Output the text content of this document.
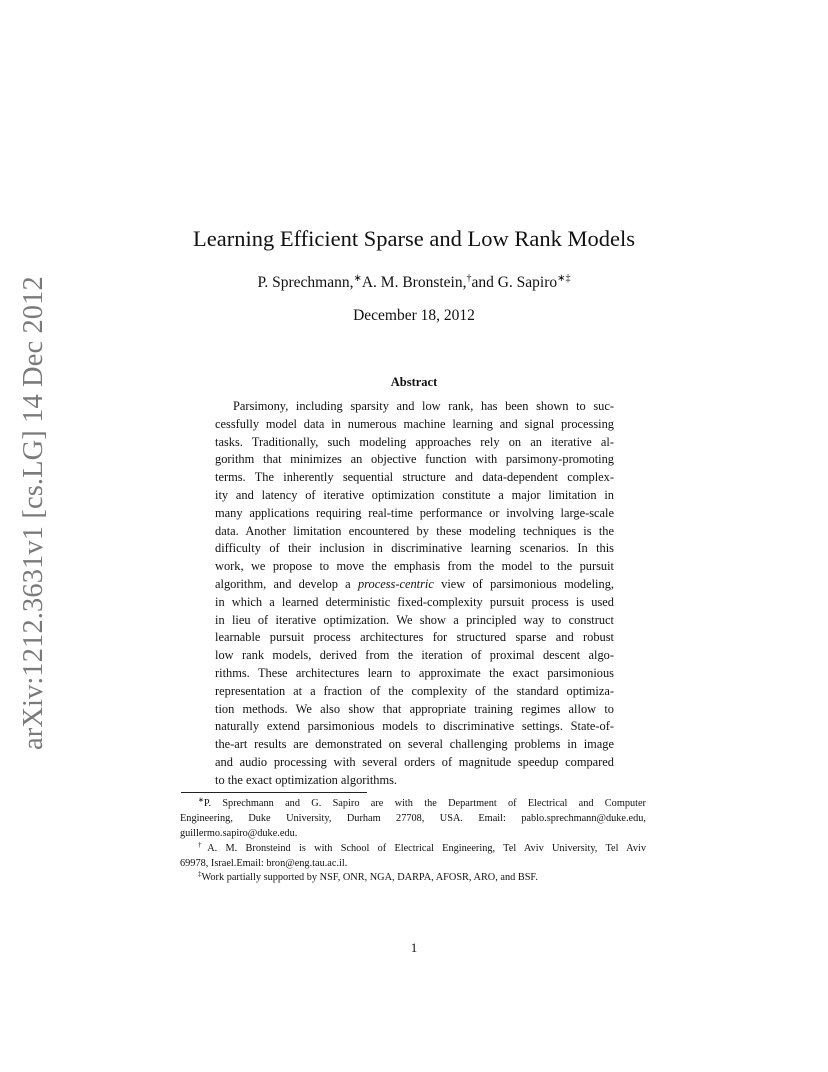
arXiv:1212.3631v1 [cs.LG] 14 Dec 2012
Learning Efficient Sparse and Low Rank Models
P. Sprechmann,∗A. M. Bronstein,†and G. Sapiro∗‡
December 18, 2012
Abstract
Parsimony, including sparsity and low rank, has been shown to suc-
cessfully model data in numerous machine learning and signal processing
tasks. Traditionally, such modeling approaches rely on an iterative al-
gorithm that minimizes an objective function with parsimony-promoting
terms. The inherently sequential structure and data-dependent complex-
ity and latency of iterative optimization constitute a major limitation in
many applications requiring real-time performance or involving large-scale
data. Another limitation encountered by these modeling techniques is the
difficulty of their inclusion in discriminative learning scenarios. In this
work, we propose to move the emphasis from the model to the pursuit
algorithm, and develop a process-centric view of parsimonious modeling,
in which a learned deterministic fixed-complexity pursuit process is used
in lieu of iterative optimization. We show a principled way to construct
learnable pursuit process architectures for structured sparse and robust
low rank models, derived from the iteration of proximal descent algo-
rithms. These architectures learn to approximate the exact parsimonious
representation at a fraction of the complexity of the standard optimiza-
tion methods. We also show that appropriate training regimes allow to
naturally extend parsimonious models to discriminative settings. State-of-
the-art results are demonstrated on several challenging problems in image
and audio processing with several orders of magnitude speedup compared
to the exact optimization algorithms.
∗P. Sprechmann and G. Sapiro are with the Department of Electrical and Computer
Engineering, Duke University, Durham 27708, USA. Email: pablo.sprechmann@duke.edu,
guillermo.sapiro@duke.edu.
†A. M. Bronsteind is with School of Electrical Engineering, Tel Aviv University, Tel Aviv
69978, Israel.Email: bron@eng.tau.ac.il.
‡Work partially supported by NSF, ONR, NGA, DARPA, AFOSR, ARO, and BSF.
1
